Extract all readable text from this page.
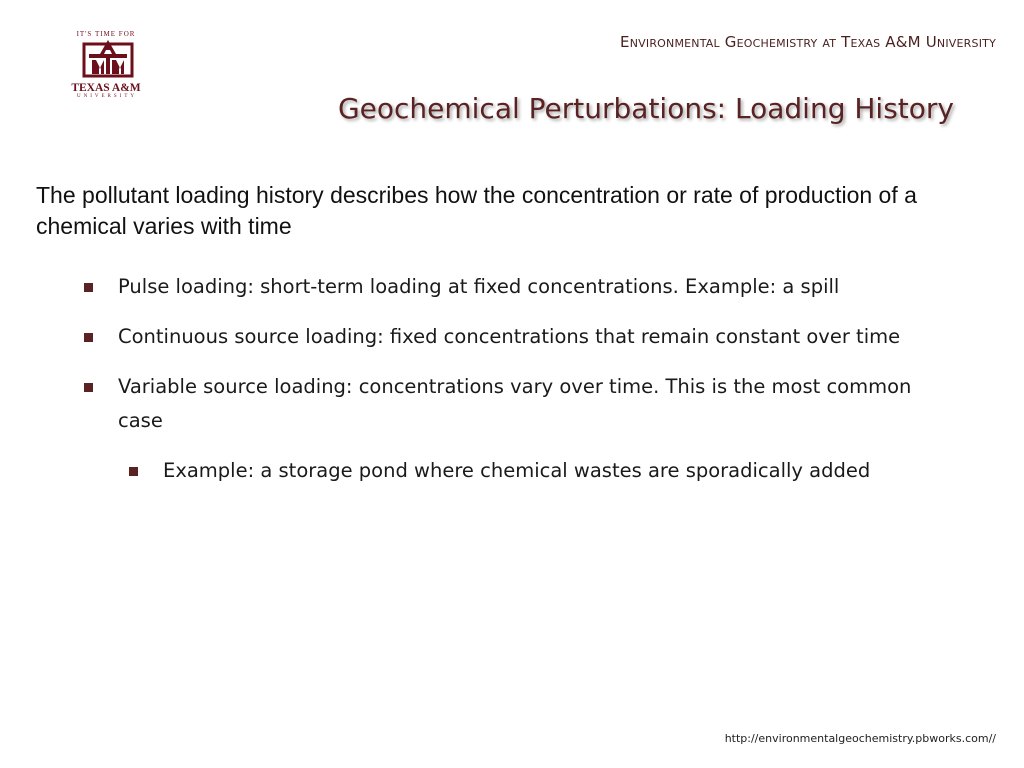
IT'S TIME FOR
TEXAS A&M
UNIVERSITY
Environmental Geochemistry at Texas A&M University
Geochemical Perturbations: Loading History
The pollutant loading history describes how the concentration or rate of production of a chemical varies with time
Pulse loading: short-term loading at fixed concentrations. Example: a spill
Continuous source loading: fixed concentrations that remain constant over time
Variable source loading: concentrations vary over time. This is the most common case
Example: a storage pond where chemical wastes are sporadically added
http://environmentalgeochemistry.pbworks.com//
